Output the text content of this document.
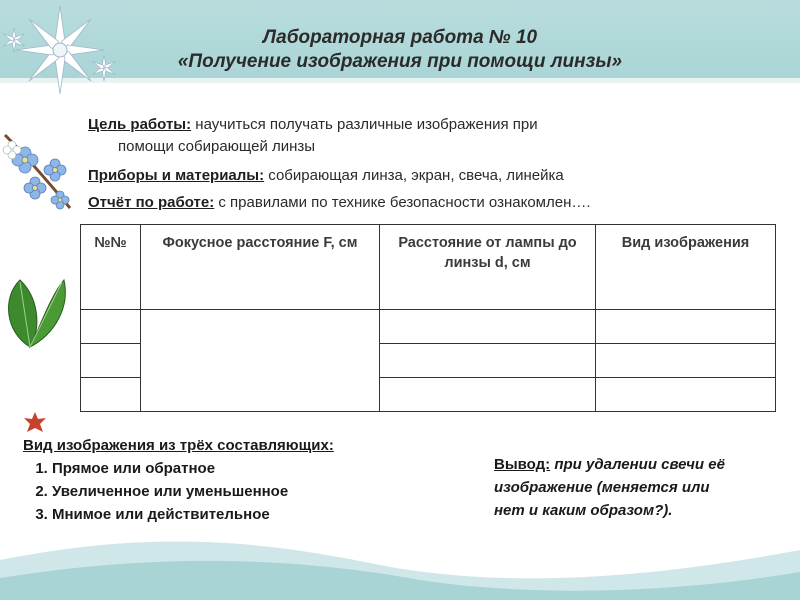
Лабораторная работа № 10
«Получение изображения при помощи линзы»
Цель работы: научиться получать различные изображения при
помощи собирающей линзы
Приборы и материалы: собирающая линза, экран, свеча, линейка
Отчёт по работе: с правилами по технике безопасности ознакомлен….
№№	Фокусное расстояние F, см	Расстояние от лампы до линзы d, см	Вид изображения

Вид изображения из трёх составляющих:
1. Прямое или обратное
2. Увеличенное или уменьшенное
3. Мнимое или действительное
Вывод: при удалении свечи её изображение (меняется или нет и каким образом?).
